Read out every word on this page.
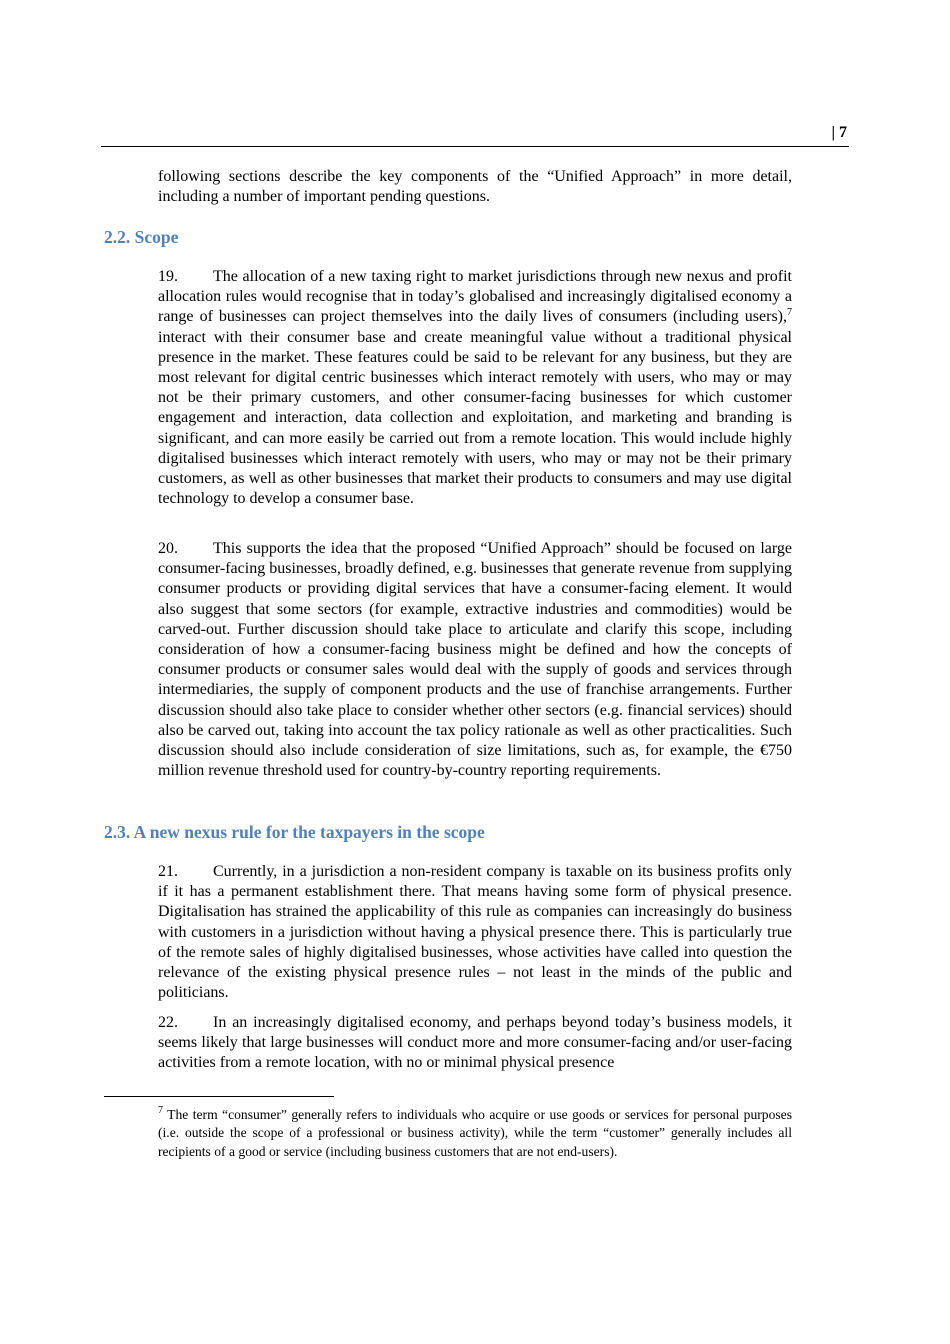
| 7

following sections describe the key components of the “Unified Approach” in more detail, including a number of important pending questions.

19. The allocation of a new taxing right to market jurisdictions through new nexus and profit allocation rules would recognise that in today’s globalised and increasingly digitalised economy a range of businesses can project themselves into the daily lives of consumers (including users),$^7$ interact with their consumer base and create meaningful value without a traditional physical presence in the market. These features could be said to be relevant for any business, but they are most relevant for digital centric businesses which interact remotely with users, who may or may not be their primary customers, and other consumer-facing businesses for which customer engagement and interaction, data collection and exploitation, and marketing and branding is significant, and can more easily be carried out from a remote location. This would include highly digitalised businesses which interact remotely with users, who may or may not be their primary customers, as well as other businesses that market their products to consumers and may use digital technology to develop a consumer base.

20. This supports the idea that the proposed “Unified Approach” should be focused on large consumer-facing businesses, broadly defined, e.g. businesses that generate revenue from supplying consumer products or providing digital services that have a consumer-facing element. It would also suggest that some sectors (for example, extractive industries and commodities) would be carved-out. Further discussion should take place to articulate and clarify this scope, including consideration of how a consumer-facing business might be defined and how the concepts of consumer products or consumer sales would deal with the supply of goods and services through intermediaries, the supply of component products and the use of franchise arrangements. Further discussion should also take place to consider whether other sectors (e.g. financial services) should also be carved out, taking into account the tax policy rationale as well as other practicalities. Such discussion should also include consideration of size limitations, such as, for example, the €750 million revenue threshold used for country-by-country reporting requirements.

21. Currently, in a jurisdiction a non-resident company is taxable on its business profits only if it has a permanent establishment there. That means having some form of physical presence. Digitalisation has strained the applicability of this rule as companies can increasingly do business with customers in a jurisdiction without having a physical presence there. This is particularly true of the remote sales of highly digitalised businesses, whose activities have called into question the relevance of the existing physical presence rules – not least in the minds of the public and politicians.

22. In an increasingly digitalised economy, and perhaps beyond today’s business models, it seems likely that large businesses will conduct more and more consumer-facing and/or user-facing activities from a remote location, with no or minimal physical presence

2.2. Scope
2.3. A new nexus rule for the taxpayers in the scope
$^7$ The term “consumer” generally refers to individuals who acquire or use goods or services for personal purposes (i.e. outside the scope of a professional or business activity), while the term “customer” generally includes all recipients of a good or service (including business customers that are not end-users).
